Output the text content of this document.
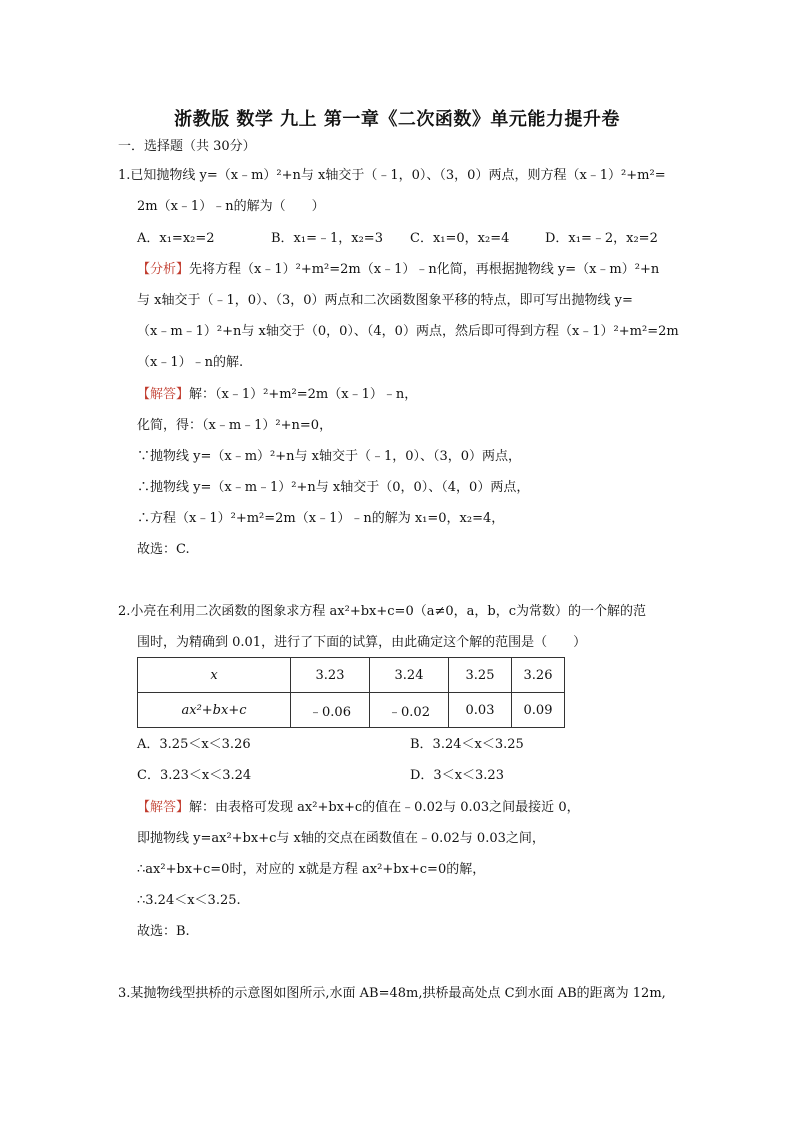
浙教版 数学 九上 第一章《二次函数》单元能力提升卷
一．选择题（共 30分）
1.已知抛物线 y=（x﹣m）²+n与 x轴交于（﹣1，0）、（3，0）两点，则方程（x﹣1）²+m²=
2m（x﹣1）﹣n的解为（　　）
A．x₁=x₂=2	B．x₁=﹣1，x₂=3 C．x₁=0，x₂=4	D．x₁=﹣2，x₂=2
【分析】先将方程（x﹣1）²+m²=2m（x﹣1）﹣n化简，再根据抛物线 y=（x﹣m）²+n
与 x轴交于（﹣1，0）、（3，0）两点和二次函数图象平移的特点，即可写出抛物线 y=
（x﹣m﹣1）²+n与 x轴交于（0，0）、（4，0）两点，然后即可得到方程（x﹣1）²+m²=2m
（x﹣1）﹣n的解.
【解答】解：（x﹣1）²+m²=2m（x﹣1）﹣n，
化简，得：（x﹣m﹣1）²+n=0，
∵抛物线 y=（x﹣m）²+n与 x轴交于（﹣1，0）、（3，0）两点，
∴抛物线 y=（x﹣m﹣1）²+n与 x轴交于（0，0）、（4，0）两点，
∴方程（x﹣1）²+m²=2m（x﹣1）﹣n的解为 x₁=0，x₂=4，
故选：C.
2.小亮在利用二次函数的图象求方程 ax²+bx+c=0（a≠0，a，b，c为常数）的一个解的范
围时，为精确到 0.01，进行了下面的试算，由此确定这个解的范围是（　　）
x	3.23	3.24	3.25	3.26
ax²+bx+c	﹣0.06	﹣0.02	0.03	0.09
A．3.25＜x＜3.26	B．3.24＜x＜3.25
C．3.23＜x＜3.24	D．3＜x＜3.23
【解答】解：由表格可发现 ax²+bx+c的值在﹣0.02与 0.03之间最接近 0，
即抛物线 y=ax²+bx+c与 x轴的交点在函数值在﹣0.02与 0.03之间，
∴ax²+bx+c=0时，对应的 x就是方程 ax²+bx+c=0的解，
∴3.24＜x＜3.25.
故选：B.
3.某抛物线型拱桥的示意图如图所示,水面 AB=48m,拱桥最高处点 C到水面 AB的距离为 12m,
